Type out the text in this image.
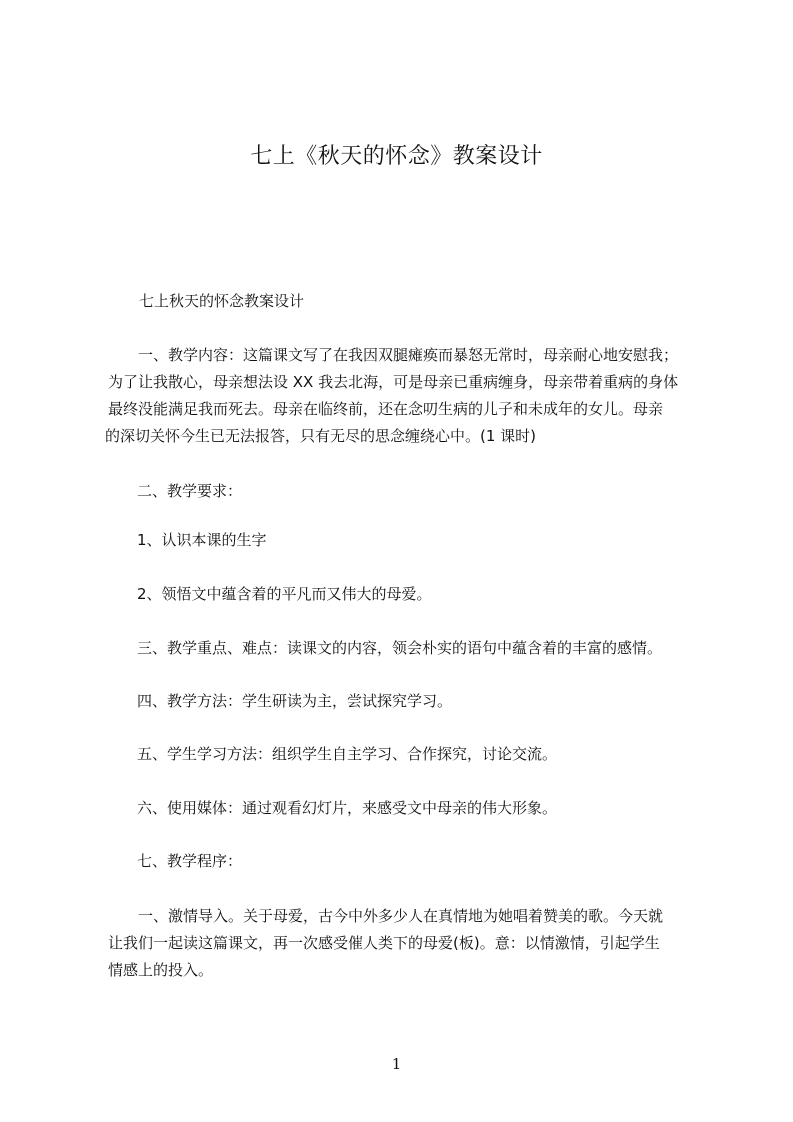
七上《秋天的怀念》教案设计
七上秋天的怀念教案设计
一、教学内容：这篇课文写了在我因双腿瘫痪而暴怒无常时，母亲耐心地安慰我；
为了让我散心，母亲想法设 XX 我去北海，可是母亲已重病缠身，母亲带着重病的身体
最终没能满足我而死去。母亲在临终前，还在念叨生病的儿子和未成年的女儿。母亲
的深切关怀今生已无法报答，只有无尽的思念缠绕心中。(1 课时)
二、教学要求：
1、认识本课的生字
2、领悟文中蕴含着的平凡而又伟大的母爱。
三、教学重点、难点：读课文的内容，领会朴实的语句中蕴含着的丰富的感情。
四、教学方法：学生研读为主，尝试探究学习。
五、学生学习方法：组织学生自主学习、合作探究，讨论交流。
六、使用媒体：通过观看幻灯片，来感受文中母亲的伟大形象。
七、教学程序：
一、激情导入。关于母爱，古今中外多少人在真情地为她唱着赞美的歌。今天就
让我们一起读这篇课文，再一次感受催人类下的母爱(板)。意：以情激情，引起学生
情感上的投入。
1
